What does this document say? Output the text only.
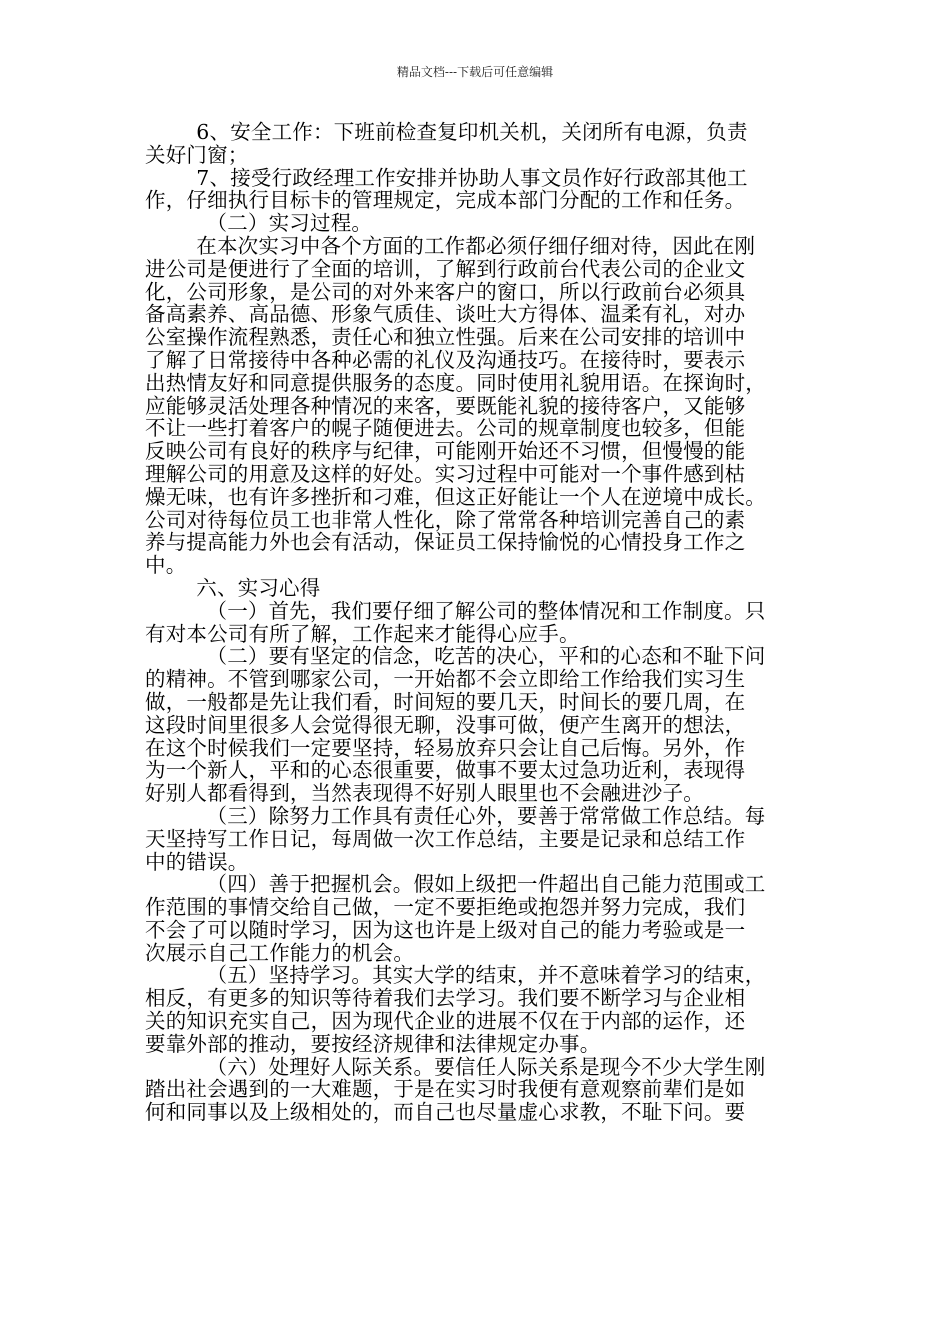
精品文档---下载后可任意编辑
6、安全工作：下班前检查复印机关机，关闭所有电源，负责
关好门窗；
7、接受行政经理工作安排并协助人事文员作好行政部其他工
作，仔细执行目标卡的管理规定，完成本部门分配的工作和任务。
（二）实习过程。
在本次实习中各个方面的工作都必须仔细仔细对待，因此在刚
进公司是便进行了全面的培训，了解到行政前台代表公司的企业文
化，公司形象，是公司的对外来客户的窗口，所以行政前台必须具
备高素养、高品德、形象气质佳、谈吐大方得体、温柔有礼，对办
公室操作流程熟悉，责任心和独立性强。后来在公司安排的培训中
了解了日常接待中各种必需的礼仪及沟通技巧。在接待时，要表示
出热情友好和同意提供服务的态度。同时使用礼貌用语。在探询时，
应能够灵活处理各种情况的来客，要既能礼貌的接待客户，又能够
不让一些打着客户的幌子随便进去。公司的规章制度也较多，但能
反映公司有良好的秩序与纪律，可能刚开始还不习惯，但慢慢的能
理解公司的用意及这样的好处。实习过程中可能对一个事件感到枯
燥无味，也有许多挫折和刁难，但这正好能让一个人在逆境中成长。
公司对待每位员工也非常人性化，除了常常各种培训完善自己的素
养与提高能力外也会有活动，保证员工保持愉悦的心情投身工作之
中。
六、实习心得
（一）首先，我们要仔细了解公司的整体情况和工作制度。只
有对本公司有所了解，工作起来才能得心应手。
（二）要有坚定的信念，吃苦的决心，平和的心态和不耻下问
的精神。不管到哪家公司，一开始都不会立即给工作给我们实习生
做，一般都是先让我们看，时间短的要几天，时间长的要几周，在
这段时间里很多人会觉得很无聊，没事可做，便产生离开的想法，
在这个时候我们一定要坚持，轻易放弃只会让自己后悔。另外，作
为一个新人，平和的心态很重要，做事不要太过急功近利，表现得
好别人都看得到，当然表现得不好别人眼里也不会融进沙子。
（三）除努力工作具有责任心外，要善于常常做工作总结。每
天坚持写工作日记，每周做一次工作总结，主要是记录和总结工作
中的错误。
（四）善于把握机会。假如上级把一件超出自己能力范围或工
作范围的事情交给自己做，一定不要拒绝或抱怨并努力完成，我们
不会了可以随时学习，因为这也许是上级对自己的能力考验或是一
次展示自己工作能力的机会。
（五）坚持学习。其实大学的结束，并不意味着学习的结束，
相反，有更多的知识等待着我们去学习。我们要不断学习与企业相
关的知识充实自己，因为现代企业的进展不仅在于内部的运作，还
要靠外部的推动，要按经济规律和法律规定办事。
（六）处理好人际关系。要信任人际关系是现今不少大学生刚
踏出社会遇到的一大难题，于是在实习时我便有意观察前辈们是如
何和同事以及上级相处的，而自己也尽量虚心求教，不耻下问。要
